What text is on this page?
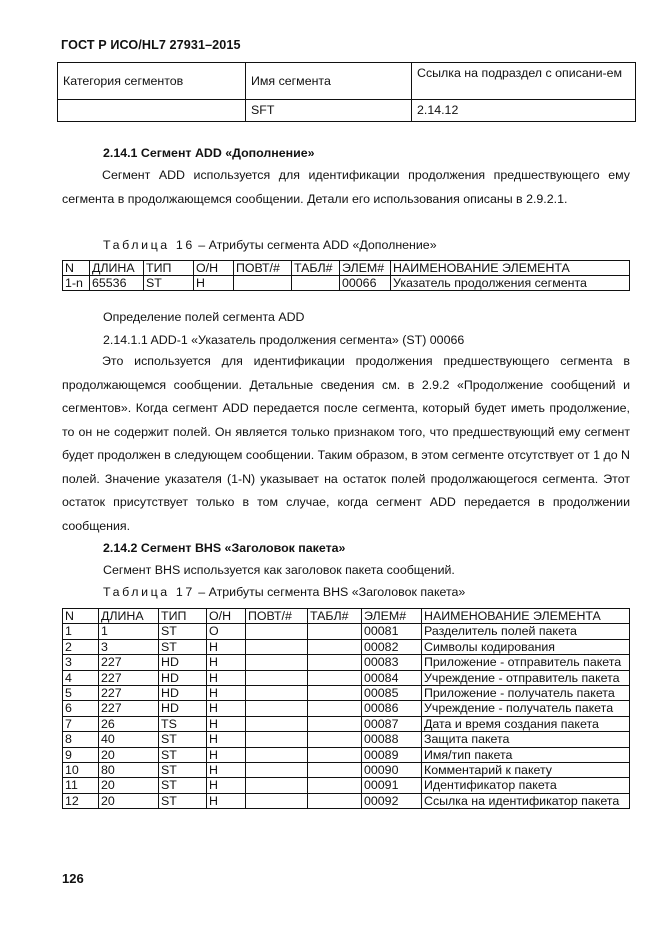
ГОСТ Р ИСО/HL7 27931–2015
Категория сегментов	Имя сегмента	Ссылка на подраздел с описани-ем
	SFT	2.14.12
2.14.1 Сегмент ADD «Дополнение»
Сегмент ADD используется для идентификации продолжения предшествующего ему сегмента в продолжающемся сообщении. Детали его использования описаны в 2.9.2.1.
Таблица 16 – Атрибуты сегмента ADD «Дополнение»
N	ДЛИНА	ТИП	О/Н	ПОВТ/#	ТАБЛ#	ЭЛЕМ#	НАИМЕНОВАНИЕ ЭЛЕМЕНТА
1-n	65536	ST	Н			00066	Указатель продолжения сегмента
Определение полей сегмента ADD
2.14.1.1 ADD-1 «Указатель продолжения сегмента» (ST) 00066
Это используется для идентификации продолжения предшествующего сегмента в продолжающемся сообщении. Детальные сведения см. в 2.9.2 «Продолжение сообщений и сегментов». Когда сегмент ADD передается после сегмента, который будет иметь продолжение, то он не содержит полей. Он является только признаком того, что предшествующий ему сегмент будет продолжен в следующем сообщении. Таким образом, в этом сегменте отсутствует от 1 до N полей. Значение указателя (1-N) указывает на остаток полей продолжающегося сегмента. Этот остаток присутствует только в том случае, когда сегмент ADD передается в продолжении сообщения.
2.14.2 Сегмент BHS «Заголовок пакета»
Сегмент BHS используется как заголовок пакета сообщений.
Таблица 17 – Атрибуты сегмента BHS «Заголовок пакета»
N	ДЛИНА	ТИП	О/Н	ПОВТ/#	ТАБЛ#	ЭЛЕМ#	НАИМЕНОВАНИЕ ЭЛЕМЕНТА
1	1	ST	О			00081	Разделитель полей пакета
2	3	ST	Н			00082	Символы кодирования
3	227	HD	Н			00083	Приложение - отправитель пакета
4	227	HD	Н			00084	Учреждение - отправитель пакета
5	227	HD	Н			00085	Приложение - получатель пакета
6	227	HD	Н			00086	Учреждение - получатель пакета
7	26	TS	Н			00087	Дата и время создания пакета
8	40	ST	Н			00088	Защита пакета
9	20	ST	Н			00089	Имя/тип пакета
10	80	ST	Н			00090	Комментарий к пакету
11	20	ST	Н			00091	Идентификатор пакета
12	20	ST	Н			00092	Ссылка на идентификатор пакета
126
